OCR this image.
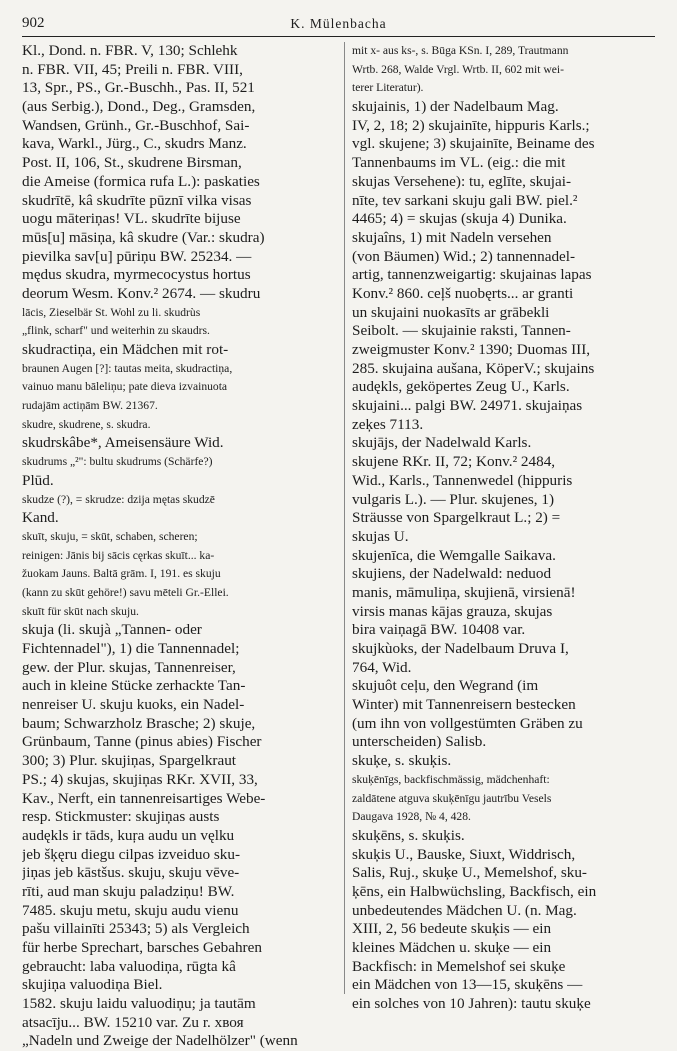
902	K. Mülenbacha
Kl., Dond. n. FBR. V, 130; Schlehk
n. FBR. VII, 45; Preili n. FBR. VIII,
13, Spr., PS., Gr.-Buschh., Pas. II, 521
(aus Serbig.), Dond., Deg., Gramsden,
Wandsen, Grünh., Gr.-Buschhof, Sai-
kava, Warkl., Jürg., C., skudrs Manz.
Post. II, 106, St., skudrene Birsman,
die Ameise (formica rufa L.): paskaties
skudrītē, kâ skudrīte pūznī vilka visas
uogu māteriņas! VL. skudrīte bijuse
mūs[u] māsiņa, kâ skudre (Var.: skudra)
pievilka sav[u] pūriņu BW. 25234. —
mędus skudra, myrmecocystus hortus
deorum Wesm. Konv.² 2674. — skudru
lācis, Zieselbär St. Wohl zu li. skudrùs
„flink, scharf" und weiterhin zu skaudrs.
skudractiņa, ein Mädchen mit rot-
braunen Augen [?]: tautas meita, skudractiņa,
vainuo manu bāleliņu; pate dieva izvainuota
rudajām actiņām BW. 21367.
skudre, skudrene, s. skudra.
skudrskâbe*, Ameisensäure Wid.
skudrums „²": bultu skudrums (Schärfe?)
Plūd.
skudze (?), = skrudze: dzija mętas skudzē
Kand.
skuīt, skuju, = skūt, schaben, scheren;
reinigen: Jānis bij sācis cęrkas skuīt... ka-
žuokam Jauns. Baltā grām. I, 191. es skuju
(kann zu skūt gehöre!) savu mēteli Gr.-Ellei.
skuīt für skūt nach skuju.
skuja (li. skujà „Tannen- oder
Fichtennadel"), 1) die Tannennadel;
gew. der Plur. skujas, Tannenreiser,
auch in kleine Stücke zerhackte Tan-
nenreiser U. skuju kuoks, ein Nadel-
baum; Schwarzholz Brasche; 2) skuje,
Grünbaum, Tanne (pinus abies) Fischer
300; 3) Plur. skujiņas, Spargelkraut
PS.; 4) skujas, skujiņas RKr. XVII, 33,
Kav., Nerft, ein tannenreisartiges Webe-
resp. Stickmuster: skujiņas austs
audękls ir tāds, kuŗa audu un vęlku
jeb šķęru diegu cilpas izveiduo sku-
jiņas jeb kāstšus. skuju, skuju vēve-
rīti, aud man skuju paladziņu! BW.
7485. skuju metu, skuju audu vienu
pašu villainīti 25343; 5) als Vergleich
für herbe Sprechart, barsches Gebahren
gebraucht: laba valuodiņa, rūgta kâ
skujiņa valuodiņa Biel.
1582. skuju laidu valuodiņu; ja tautām
atsacīju... BW. 15210 var. Zu r. хвоя
„Nadeln und Zweige der Nadelhölzer" (wenn
mit x- aus ks-, s. Būga KSn. I, 289, Trautmann
Wrtb. 268, Walde Vrgl. Wrtb. II, 602 mit wei-
terer Literatur).
skujainis, 1) der Nadelbaum Mag.
IV, 2, 18; 2) skujainīte, hippuris Karls.;
vgl. skujene; 3) skujainīte, Beiname des
Tannenbaums im VL. (eig.: die mit
skujas Versehene): tu, eglīte, skujai-
nīte, tev sarkani skuju gali BW. piel.²
4465; 4) = skujas (skuja 4) Dunika.
skujaîns, 1) mit Nadeln versehen
(von Bäumen) Wid.; 2) tannennadel-
artig, tannenzweigartig: skujainas lapas
Konv.² 860. ceļš nuobęrts... ar granti
un skujaini nuokasīts ar grābekli
Seibolt. — skujainie raksti, Tannen-
zweigmuster Konv.² 1390; Duomas III,
285. skujaina aušana, KöperV.; skujains
audękls, geköpertes Zeug U., Karls.
skujaini... palgi BW. 24971. skujaiņas
zeķes 7113.
skujājs, der Nadelwald Karls.
skujene RKr. II, 72; Konv.² 2484,
Wid., Karls., Tannenwedel (hippuris
vulgaris L.). — Plur. skujenes, 1)
Sträusse von Spargelkraut L.; 2) =
skujas U.
skujenīca, die Wemgalle Saikava.
skujiens, der Nadelwald: neduod
manis, māmuliņa, skujienā, virsienā!
virsis manas kājas grauza, skujas
bira vaiņagā BW. 10408 var.
skujkùoks, der Nadelbaum Druva I,
764, Wid.
skujuôt ceļu, den Wegrand (im
Winter) mit Tannenreisern bestecken
(um ihn von vollgestümten Gräben zu
unterscheiden) Salisb.
skuķe, s. skuķis.
skuķēnīgs, backfischmässig, mädchenhaft:
zaldātene atguva skuķēnīgu jautrību Vesels
Daugava 1928, № 4, 428.
skuķēns, s. skuķis.
skuķis U., Bauske, Siuxt, Widdrisch,
Salis, Ruj., skuķe U., Memelshof, sku-
ķēns, ein Halbwüchsling, Backfisch, ein
unbedeutendes Mädchen U. (n. Mag.
XIII, 2, 56 bedeute skuķis — ein
kleines Mädchen u. skuķe — ein
Backfisch: in Memelshof sei skuķe
ein Mädchen von 13—15, skuķēns —
ein solches von 10 Jahren): tautu skuķe
